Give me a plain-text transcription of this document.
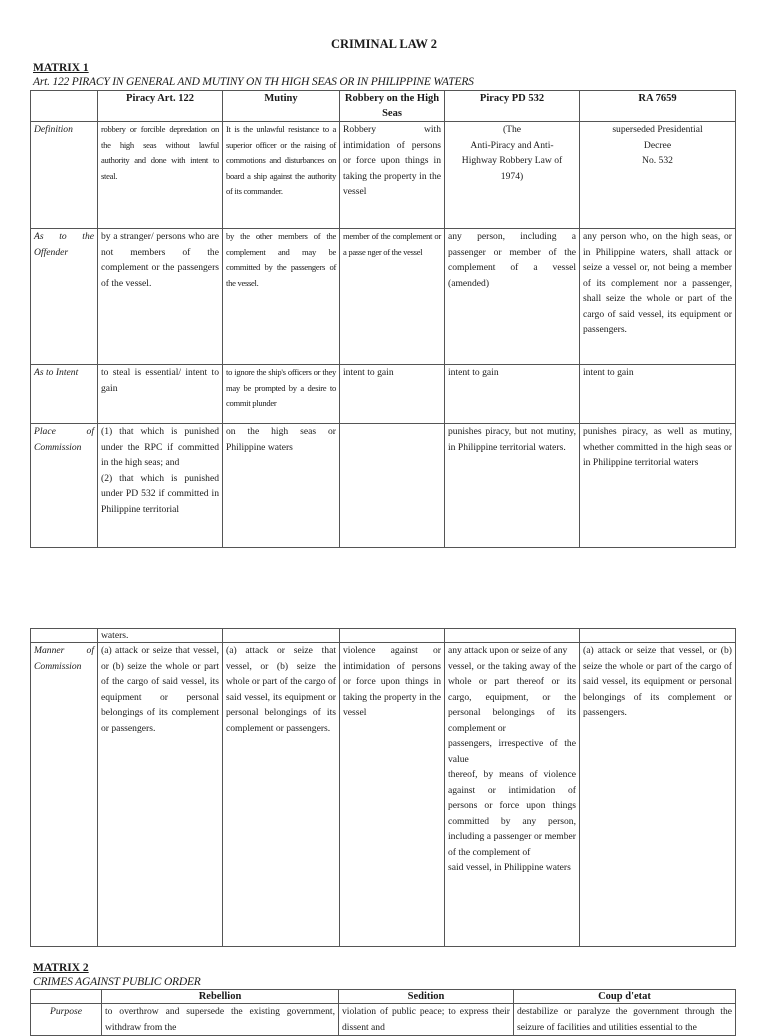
CRIMINAL LAW 2
MATRIX 1
Art. 122 PIRACY IN GENERAL AND MUTINY ON TH HIGH SEAS OR IN PHILIPPINE WATERS
	Piracy Art. 122	Mutiny	Robbery on the High Seas	Piracy PD 532	RA 7659
Definition	robbery or forcible depredation on the high seas without lawful authority and done with intent to steal.	It is the unlawful resistance to a superior officer or the raising of commotions and disturbances on board a ship against the authority of its commander.	Robbery with intimidation of persons or force upon things in taking the property in the vessel	(The
Anti-Piracy and Anti-
Highway Robbery Law of
1974)	superseded Presidential
Decree
No. 532

As to the Offender	by a stranger/ persons who are not members of the complement or the passengers of the vessel.	by the other members of the complement and may be committed by the passengers of the vessel.	member of the complement or a passe nger of the vessel	any person, including a passenger or member of the complement of a vessel (amended)	any person who, on the high seas, or in Philippine waters, shall attack or seize a vessel or, not being a member of its complement nor a passenger, shall seize the whole or part of the cargo of said vessel, its equipment or passengers.
As to Intent	to steal is essential/ intent to gain	to ignore the ship's officers or they may be prompted by a desire to commit plunder	intent to gain	intent to gain	intent to gain
Place of Commission	(1) that which is punished under the RPC if committed in the high seas; and
(2) that which is punished under PD 532 if committed in Philippine territorial	on the high seas or Philippine waters		punishes piracy, but not mutiny, in Philippine territorial waters.	punishes piracy, as well as mutiny, whether committed in the high seas or in Philippine territorial waters
	waters.				
Manner of Commission	(a) attack or seize that vessel, or (b) seize the whole or part of the cargo of said vessel, its equipment or personal belongings of its complement or passengers.	(a) attack or seize that vessel, or (b) seize the whole or part of the cargo of said vessel, its equipment or personal belongings of its complement or passengers.	violence against or intimidation of persons or force upon things in taking the property in the vessel	any attack upon or seize of any
vessel, or the taking away of the whole or part thereof or its cargo, equipment, or the personal belongings of its complement or
passengers, irrespective of the value
thereof, by means of violence against or intimidation of persons or force upon things committed by any person, including a passenger or member of the complement of
said vessel, in Philippine waters	(a) attack or seize that vessel, or (b) seize the whole or part of the cargo of said vessel, its equipment or personal belongings of its complement or passengers.
MATRIX 2
CRIMES AGAINST PUBLIC ORDER
	Rebellion	Sedition	Coup d'etat
Purpose	to overthrow and supersede the existing government, withdraw from the	violation of public peace; to express their dissent and	destabilize or paralyze the government through the seizure of facilities and utilities essential to the
